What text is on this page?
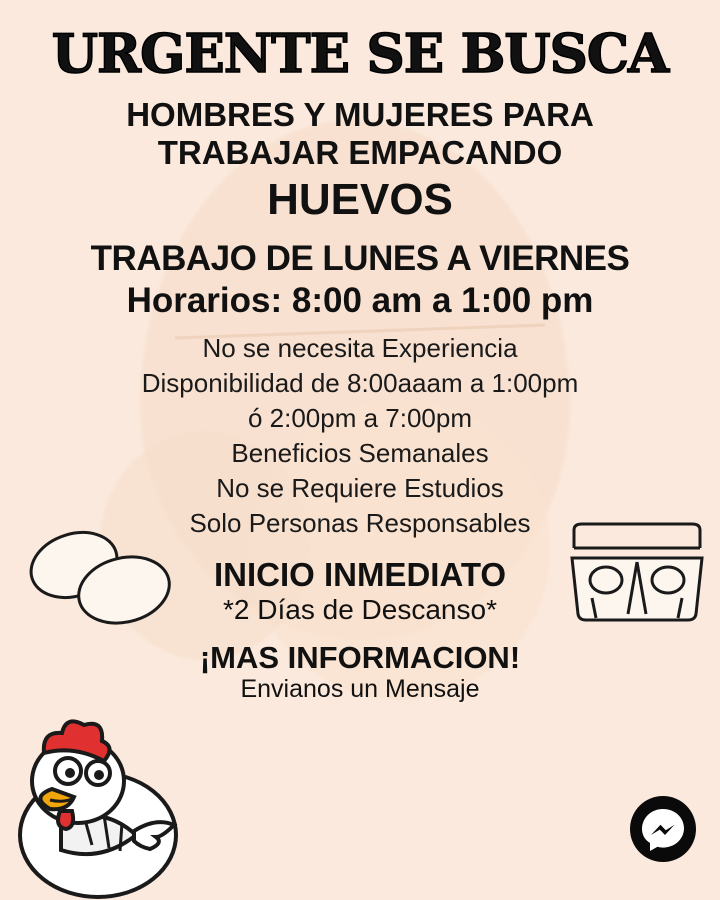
URGENTE SE BUSCA
HOMBRES Y MUJERES PARA
TRABAJAR EMPACANDO
HUEVOS
TRABAJO DE LUNES A VIERNES
Horarios: 8:00 am a 1:00 pm
No se necesita Experiencia
Disponibilidad de 8:00aaam a 1:00pm
ó 2:00pm a 7:00pm
Beneficios Semanales
No se Requiere Estudios
Solo Personas Responsables
INICIO INMEDIATO
*2 Días de Descanso*
¡MAS INFORMACION!
Envianos un Mensaje
